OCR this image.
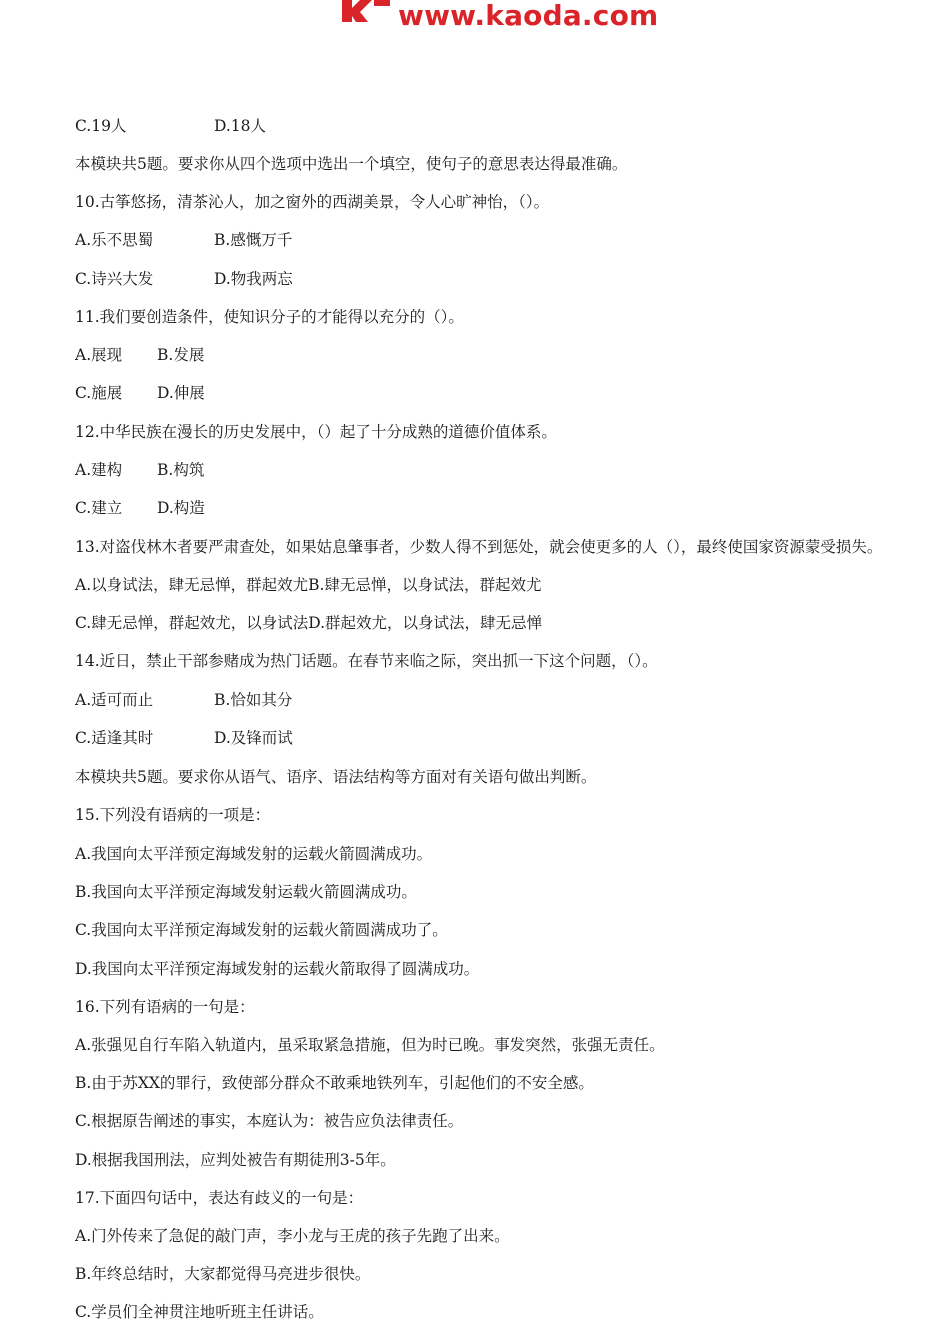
www.kaoda.com
C.19人	D.18人
本模块共5题。要求你从四个选项中选出一个填空，使句子的意思表达得最准确。
10.古筝悠扬，清茶沁人，加之窗外的西湖美景，令人心旷神怡，（）。
A.乐不思蜀	B.感慨万千
C.诗兴大发	D.物我两忘
11.我们要创造条件，使知识分子的才能得以充分的（）。
A.展现 B.发展
C.施展 D.伸展
12.中华民族在漫长的历史发展中，（）起了十分成熟的道德价值体系。
A.建构 B.构筑
C.建立 D.构造
13.对盗伐林木者要严肃查处，如果姑息肇事者，少数人得不到惩处，就会使更多的人（），最终使国家资源蒙受损失。
A.以身试法，肆无忌惮，群起效尤B.肆无忌惮，以身试法，群起效尤
C.肆无忌惮，群起效尤，以身试法D.群起效尤，以身试法，肆无忌惮
14.近日，禁止干部参赌成为热门话题。在春节来临之际，突出抓一下这个问题，（）。
A.适可而止	B.恰如其分
C.适逢其时	D.及锋而试
本模块共5题。要求你从语气、语序、语法结构等方面对有关语句做出判断。
15.下列没有语病的一项是：
A.我国向太平洋预定海域发射的运载火箭圆满成功。
B.我国向太平洋预定海域发射运载火箭圆满成功。
C.我国向太平洋预定海域发射的运载火箭圆满成功了。
D.我国向太平洋预定海域发射的运载火箭取得了圆满成功。
16.下列有语病的一句是：
A.张强见自行车陷入轨道内，虽采取紧急措施，但为时已晚。事发突然，张强无责任。
B.由于苏XX的罪行，致使部分群众不敢乘地铁列车，引起他们的不安全感。
C.根据原告阐述的事实，本庭认为：被告应负法律责任。
D.根据我国刑法，应判处被告有期徒刑3-5年。
17.下面四句话中，表达有歧义的一句是：
A.门外传来了急促的敲门声，李小龙与王虎的孩子先跑了出来。
B.年终总结时，大家都觉得马亮进步很快。
C.学员们全神贯注地听班主任讲话。
